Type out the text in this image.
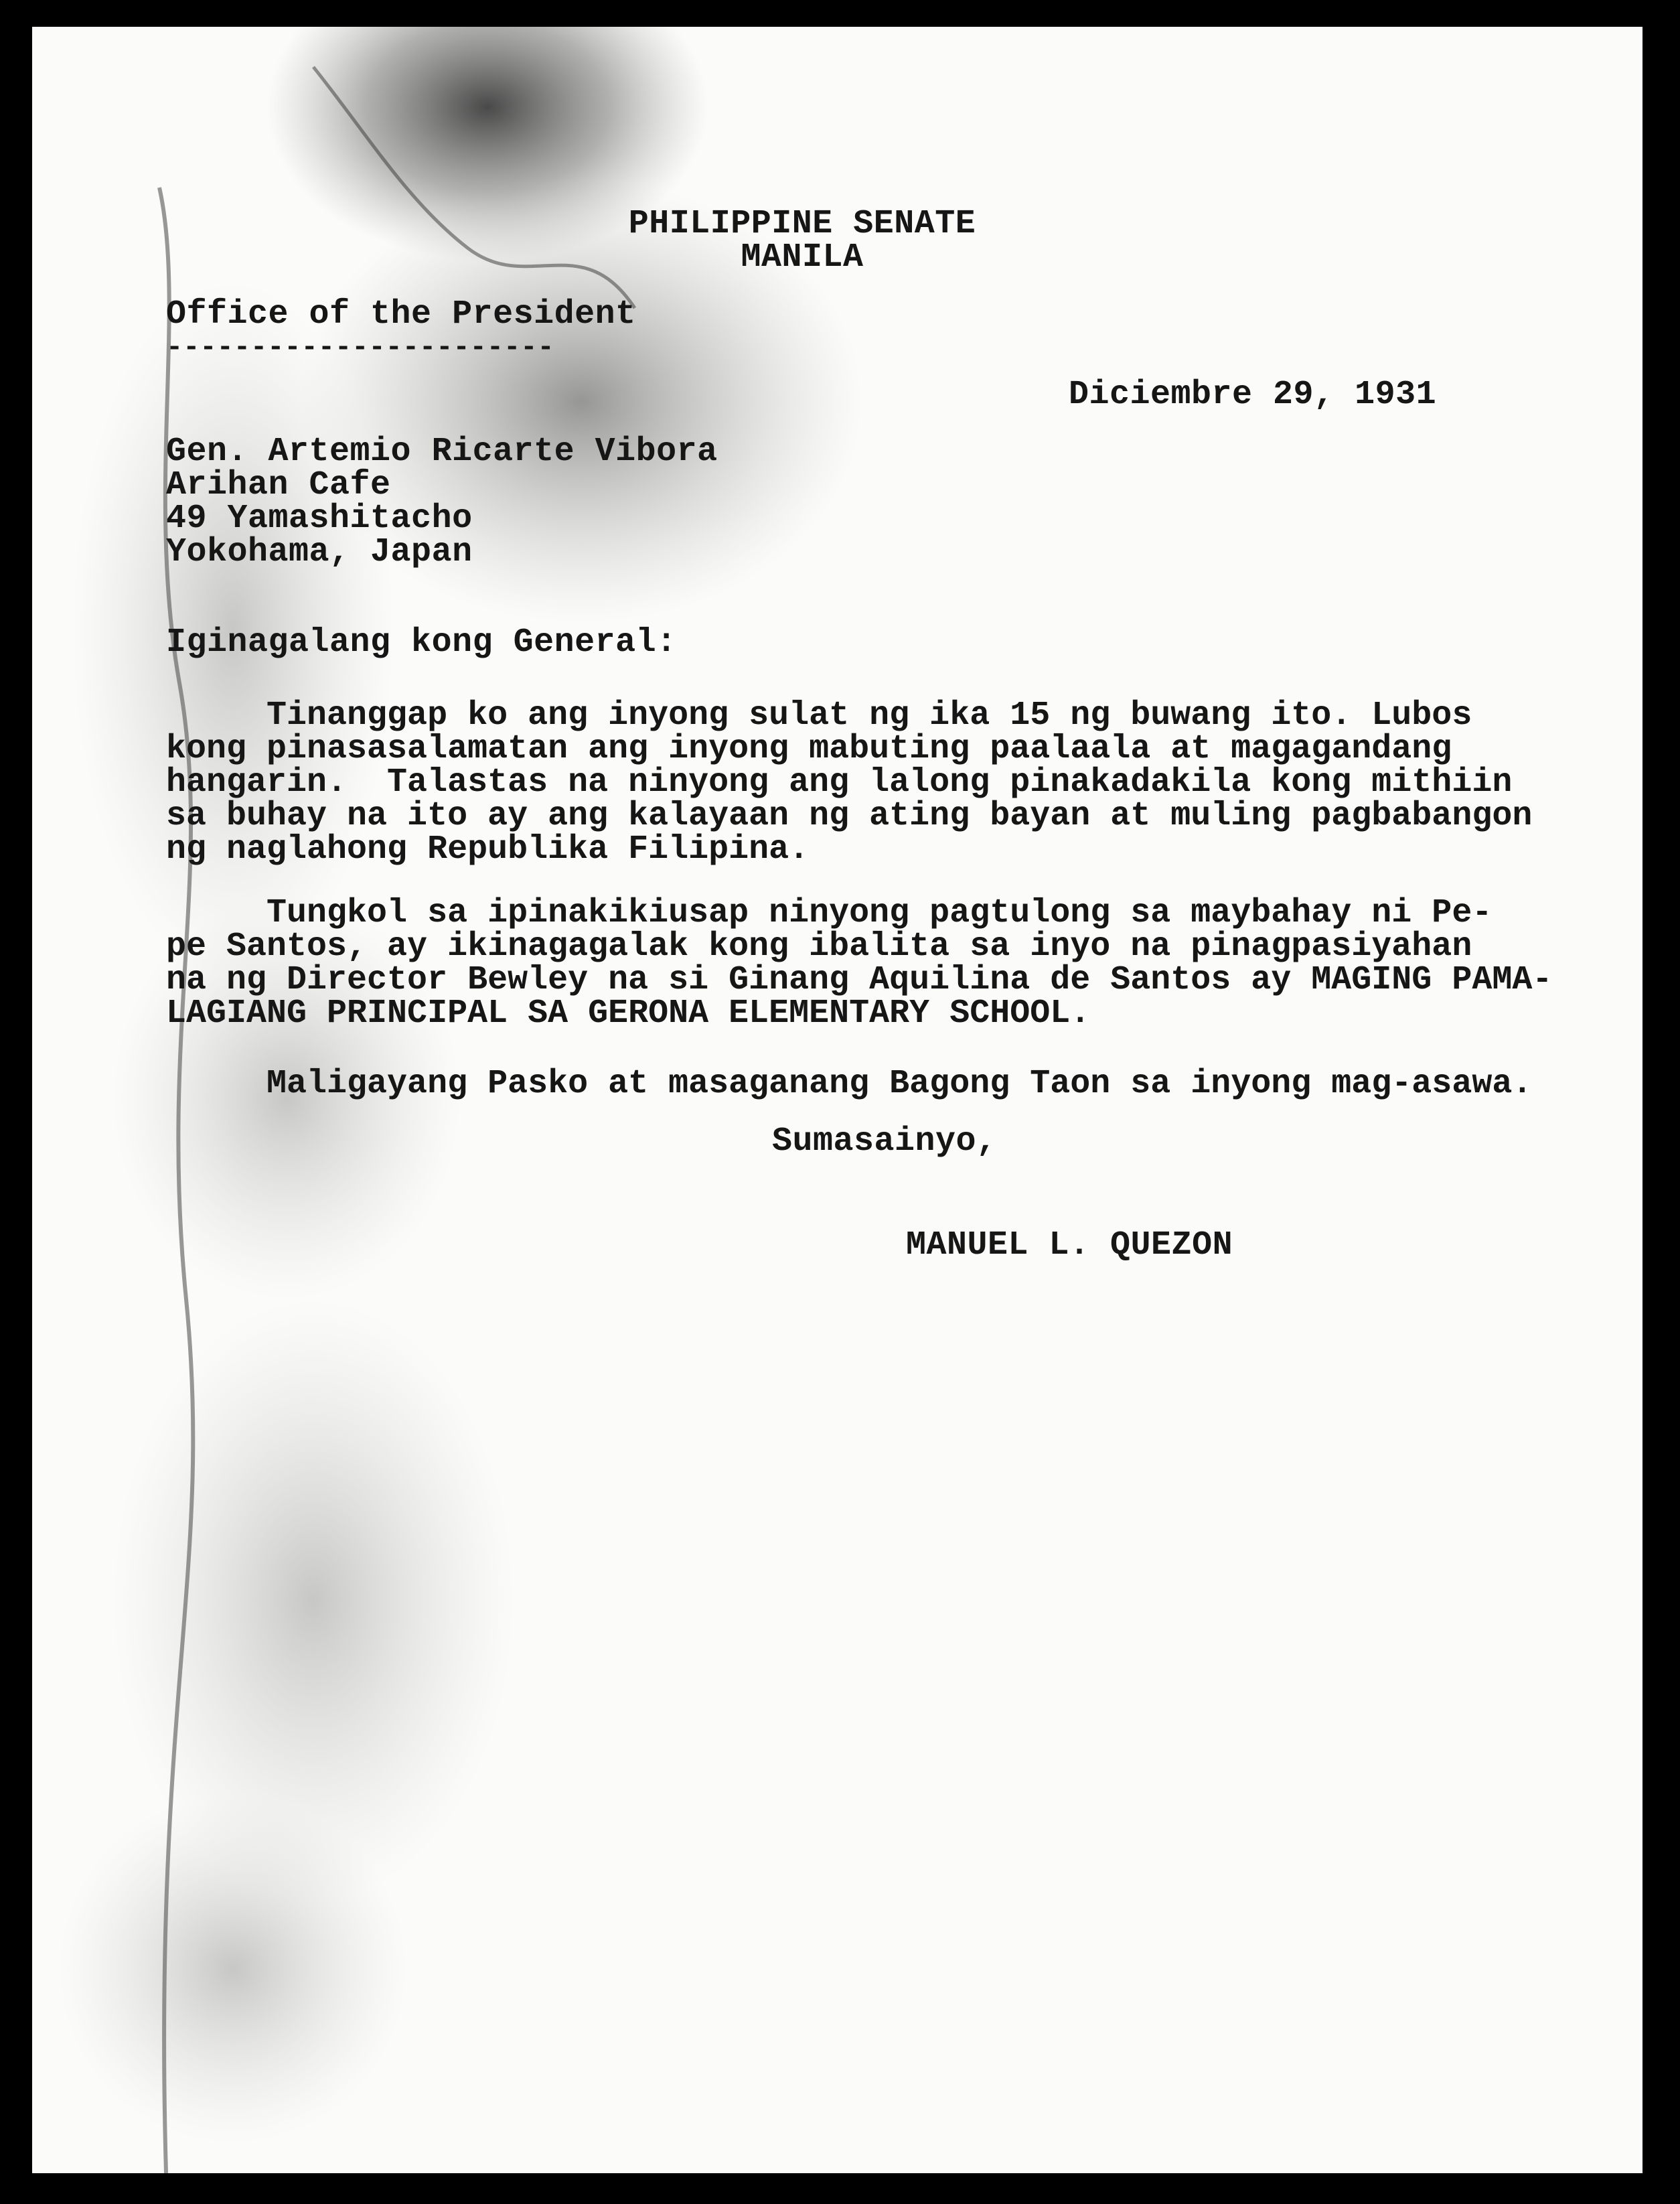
PHILIPPINE SENATE
MANILA
Office of the President
-----------------------
Diciembre 29, 1931
Gen. Artemio Ricarte Vibora
Arihan Cafe
49 Yamashitacho
Yokohama, Japan
Iginagalang kong General:
Tinanggap ko ang inyong sulat ng ika 15 ng buwang ito. Lubos
kong pinasasalamatan ang inyong mabuting paalaala at magagandang
hangarin.  Talastas na ninyong ang lalong pinakadakila kong mithiin
sa buhay na ito ay ang kalayaan ng ating bayan at muling pagbabangon
ng naglahong Republika Filipina.
Tungkol sa ipinakikiusap ninyong pagtulong sa maybahay ni Pe-
pe Santos, ay ikinagagalak kong ibalita sa inyo na pinagpasiyahan
na ng Director Bewley na si Ginang Aquilina de Santos ay MAGING PAMA-
LAGIANG PRINCIPAL SA GERONA ELEMENTARY SCHOOL.
Maligayang Pasko at masaganang Bagong Taon sa inyong mag-asawa.
Sumasainyo,
MANUEL L. QUEZON
